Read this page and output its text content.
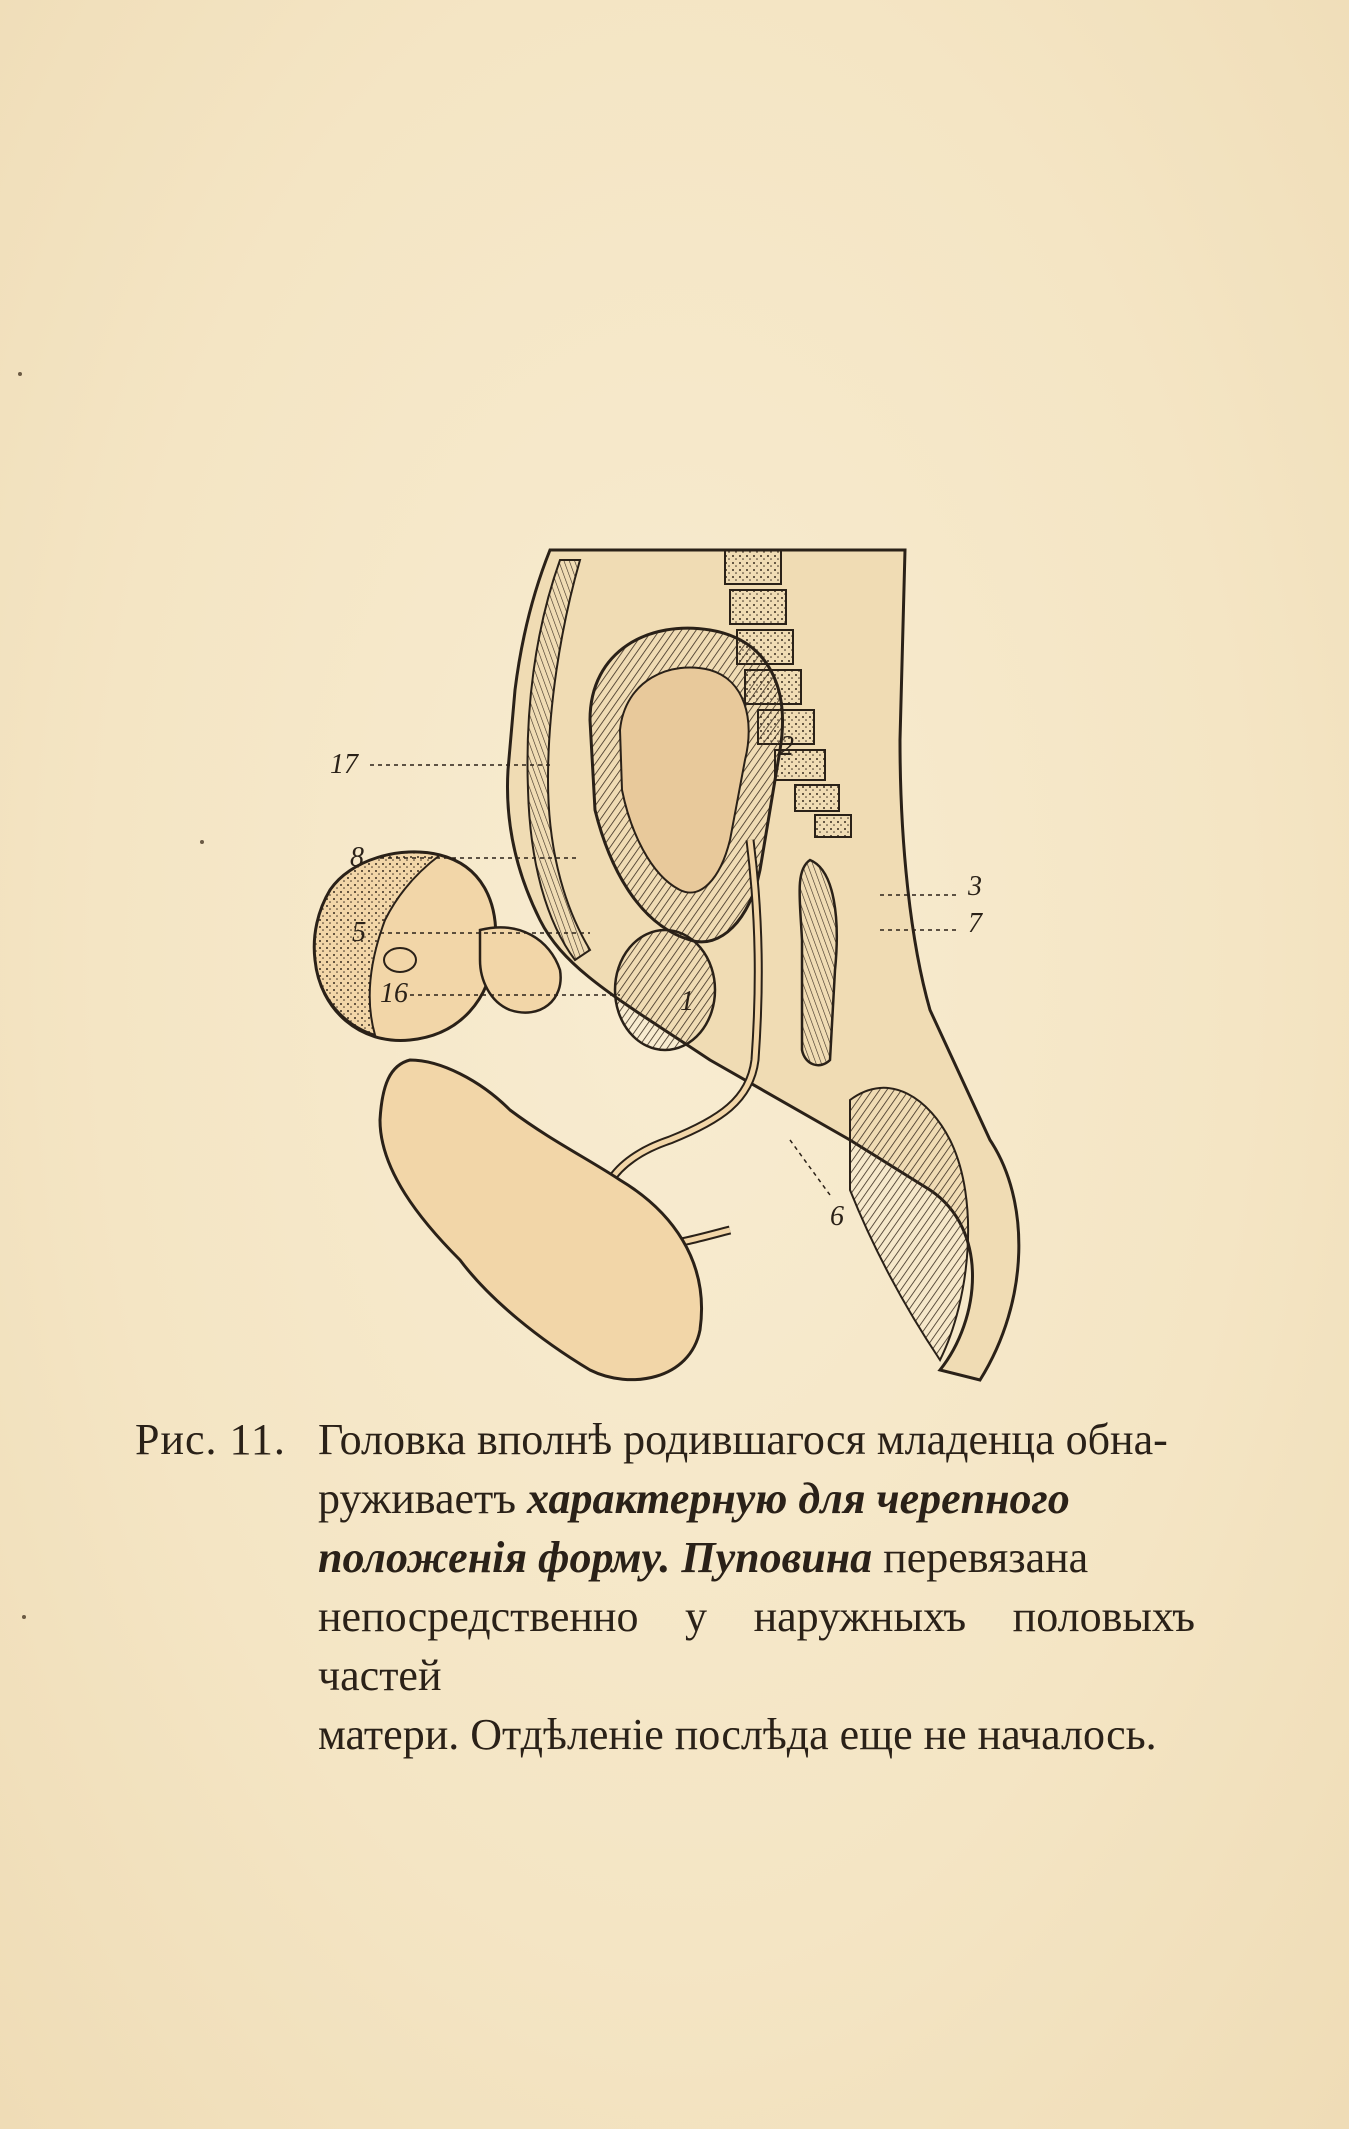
17
8
5
16
2
1
3
7
6
Рис. 11. Головка вполнѣ родившагося младенца обна-
руживаетъ характерную для черепного
положенія формy. Пуповина перевязана
непосредственно у наружныхъ половыхъ частей
матери. Отдѣленіе послѣда еще не началось.
